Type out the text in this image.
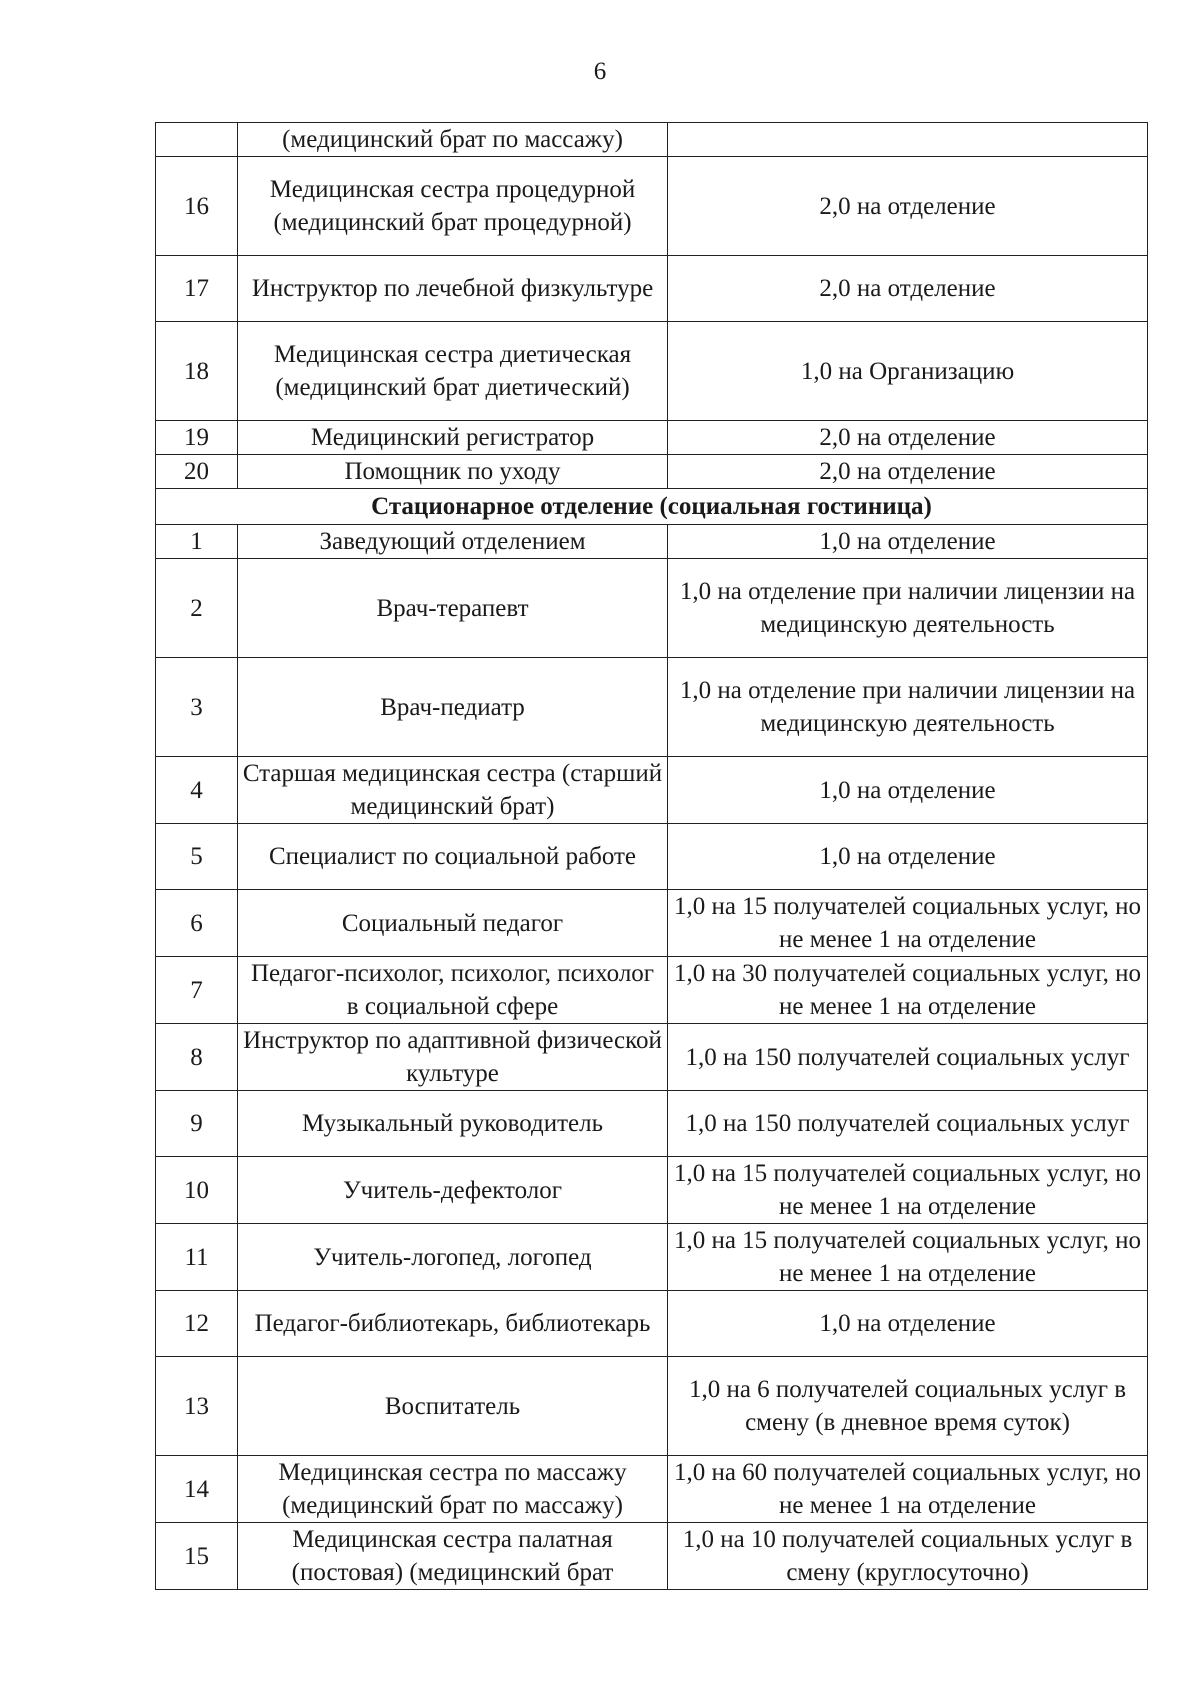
6
	(медицинский брат по массажу)	
16	Медицинская сестра процедурной (медицинский брат процедурной)	2,0 на отделение
17	Инструктор по лечебной физкультуре	2,0 на отделение
18	Медицинская сестра диетическая (медицинский брат диетический)	1,0 на Организацию
19	Медицинский регистратор	2,0 на отделение
20	Помощник по уходу	2,0 на отделение
Стационарное отделение (социальная гостиница)		
1	Заведующий отделением	1,0 на отделение
2	Врач-терапевт	1,0 на отделение при наличии лицензии на медицинскую деятельность
3	Врач-педиатр	1,0 на отделение при наличии лицензии на медицинскую деятельность
4	Старшая медицинская сестра (старший медицинский брат)	1,0 на отделение
5	Специалист по социальной работе	1,0 на отделение
6	Социальный педагог	1,0 на 15 получателей социальных услуг, но не менее 1 на отделение
7	Педагог-психолог, психолог, психолог в социальной сфере	1,0 на 30 получателей социальных услуг, но не менее 1 на отделение
8	Инструктор по адаптивной физической культуре	1,0 на 150 получателей социальных услуг
9	Музыкальный руководитель	1,0 на 150 получателей социальных услуг
10	Учитель-дефектолог	1,0 на 15 получателей социальных услуг, но не менее 1 на отделение
11	Учитель-логопед, логопед	1,0 на 15 получателей социальных услуг, но не менее 1 на отделение
12	Педагог-библиотекарь, библиотекарь	1,0 на отделение
13	Воспитатель	1,0 на 6 получателей социальных услуг в смену (в дневное время суток)
14	Медицинская сестра по массажу (медицинский брат по массажу)	1,0 на 60 получателей социальных услуг, но не менее 1 на отделение
15	Медицинская сестра палатная (постовая) (медицинский брат	1,0 на 10 получателей социальных услуг в смену (круглосуточно)
